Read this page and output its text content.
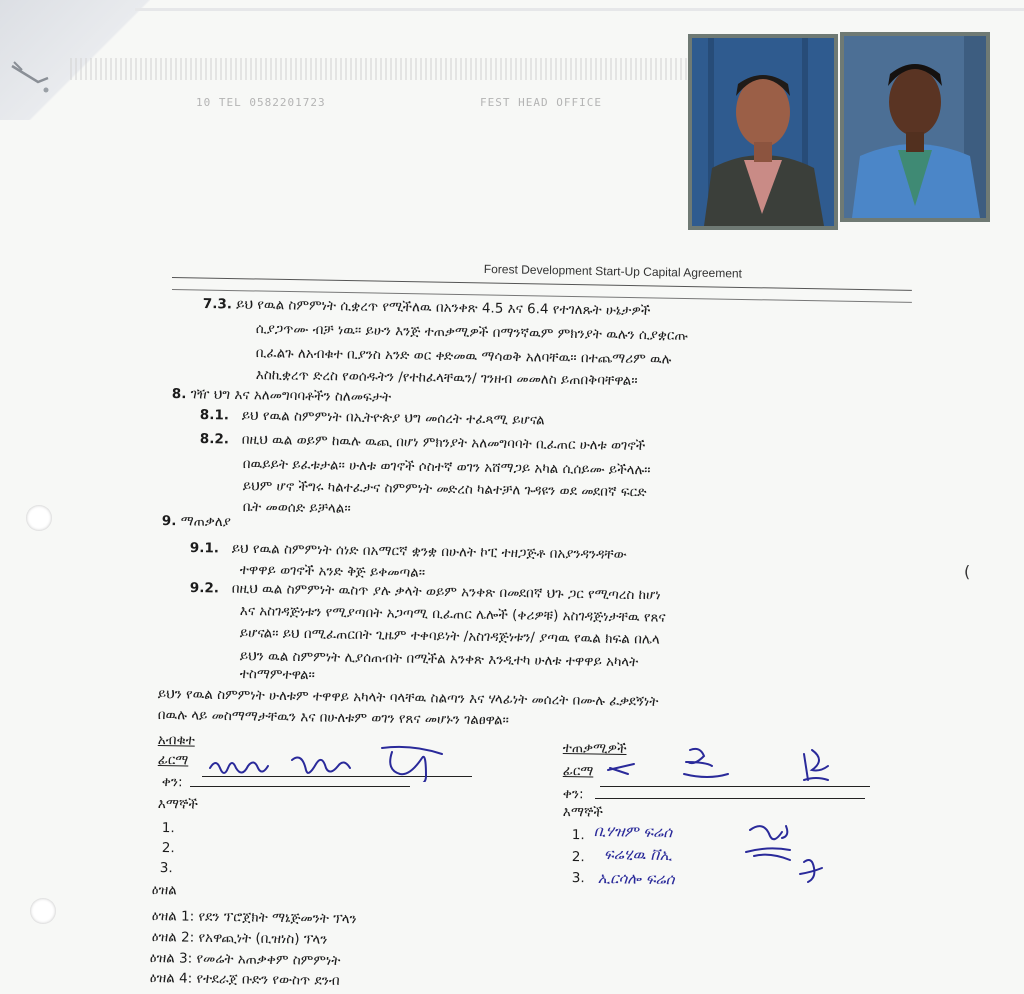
10 TEL 0582201723	FEST HEAD OFFICE
Forest Development Start-Up Capital Agreement
(
7.3. ይህ የዉል ስምምነት ሲቋረጥ የሚችለዉ በአንቀጽ 4.5 እና 6.4 የተገለጹት ሁኔታዎች
ሲያጋጥሙ ብቻ ነዉ። ይሁን እንጅ ተጠቃሚዎች በማንኛዉም ምክንያት ዉሉን ሲያቋርጡ
ቢፈልጉ ለአብቁተ ቢያንስ አንድ ወር ቀድመዉ ማሳወቅ አለባቸዉ። በተጨማሪም ዉሉ
እስኪቋረጥ ድረስ የወሰዱትን /የተከፈላቸዉን/ ገንዘብ መመለስ ይጠበቅባቸዋል።
8. ገዥ ህግ እና አለመግባባቶችን ስለመፍታት
8.1. ይህ የዉል ስምምነት በኢትዮጵያ ህግ መሰረት ተፈጻሚ ይሆናል
8.2. በዚህ ዉል ወይም ከዉሉ ዉጪ በሆነ ምክንያት አለመግባባት ቢፈጠር ሁለቱ ወገኖች
በዉይይት ይፈቱታል። ሁለቱ ወገኖች ሶስተኛ ወገን አሸማጋይ አካል ሲሰይሙ ይችላሉ።
ይህም ሆኖ ችግሩ ካልተፈታና ስምምነት መድረስ ካልተቻለ ጉዳዩን ወደ መደበኛ ፍርድ
ቤት መወሰድ ይቻላል።
9. ማጠቃለያ
9.1. ይህ የዉል ስምምነት ሰነድ በአማርኛ ቋንቋ በሁለት ኮፒ ተዘጋጅቶ በአያንዳንዳቸው
ተዋዋይ ወገኖች አንድ ቅጅ ይቀመጣል።
9.2. በዚህ ዉል ስምምነት ዉስጥ ያሉ ቃላት ወይም አንቀጽ በመደበኛ ህጉ ጋር የሚጣረስ ከሆነ
እና አስገዳጅነቱን የሚያጣበት አጋጣሚ ቢፈጠር ሌሎች (ቀሪዎቹ) አስገዳጅነታቸዉ የጸና
ይሆናል። ይህ በሚፈጠርበት ጊዜም ተቀባይነት /አስገዳጅነቱን/ ያጣዉ የዉል ክፍል በሌላ
ይህን ዉል ስምምነት ሊያሰጠብት በሚችል አንቀጽ እንዲተካ ሁለቱ ተዋዋይ አካላት
ተስማምተዋል።
ይህን የዉል ስምምነት ሁለቱም ተዋዋይ አካላት ባላቸዉ ስልጣን እና ሃላፊነት መሰረት በሙሉ ፈቃደኝነት
በዉሉ ላይ መስማማታቸዉን እና በሁለቱም ወገን የጸና መሆኑን ገልፀዋል።
አብቁተ
ፊርማ
ቀን:
እማኞች
1.
2.
3.
ተጠቃሚዎች
ፊርማ
ቀን:
እማኞች
1.
2.
3.
ቢሃዝም ፍሬሰ
ፍሬሂዉ ቨኢ
ኢርሳሎ ፍሬሰ
ዕዝል
ዕዝል 1: የደን ፕሮጀክት ማኔጅመንት ፕላን
ዕዝል 2: የአዋጪነት (ቢዝነስ) ፕላን
ዕዝል 3: የመሬት አጠቃቀም ስምምነት
ዕዝል 4: የተደራጀ ቡድን የውስጥ ደንብ
